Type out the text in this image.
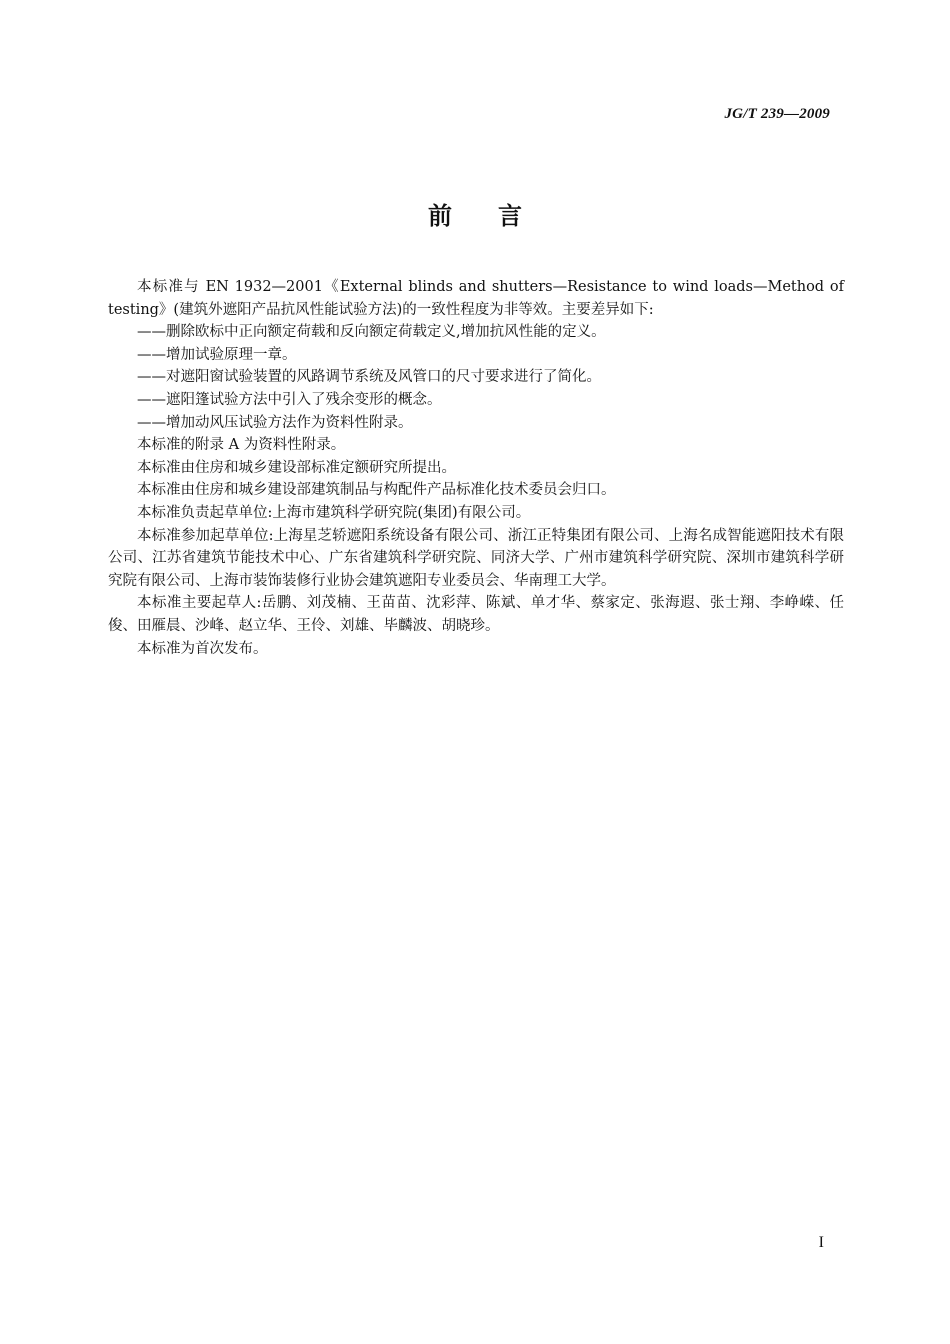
JG/T 239—2009
前言

本标准与 EN 1932—2001《External blinds and shutters—Resistance to wind loads—Method of testing》(建筑外遮阳产品抗风性能试验方法)的一致性程度为非等效。主要差异如下:

——删除欧标中正向额定荷载和反向额定荷载定义,增加抗风性能的定义。

——增加试验原理一章。

——对遮阳窗试验装置的风路调节系统及风管口的尺寸要求进行了简化。

——遮阳篷试验方法中引入了残余变形的概念。

——增加动风压试验方法作为资料性附录。

本标准的附录 A 为资料性附录。

本标准由住房和城乡建设部标准定额研究所提出。

本标准由住房和城乡建设部建筑制品与构配件产品标准化技术委员会归口。

本标准负责起草单位:上海市建筑科学研究院(集团)有限公司。

本标准参加起草单位:上海星芝轿遮阳系统设备有限公司、浙江正特集团有限公司、上海名成智能遮阳技术有限公司、江苏省建筑节能技术中心、广东省建筑科学研究院、同济大学、广州市建筑科学研究院、深圳市建筑科学研究院有限公司、上海市装饰装修行业协会建筑遮阳专业委员会、华南理工大学。

本标准主要起草人:岳鹏、刘茂楠、王苗苗、沈彩萍、陈斌、单才华、蔡家定、张海遐、张士翔、李峥嵘、任俊、田雁晨、沙峰、赵立华、王伶、刘雄、毕麟波、胡晓珍。

本标准为首次发布。

I
